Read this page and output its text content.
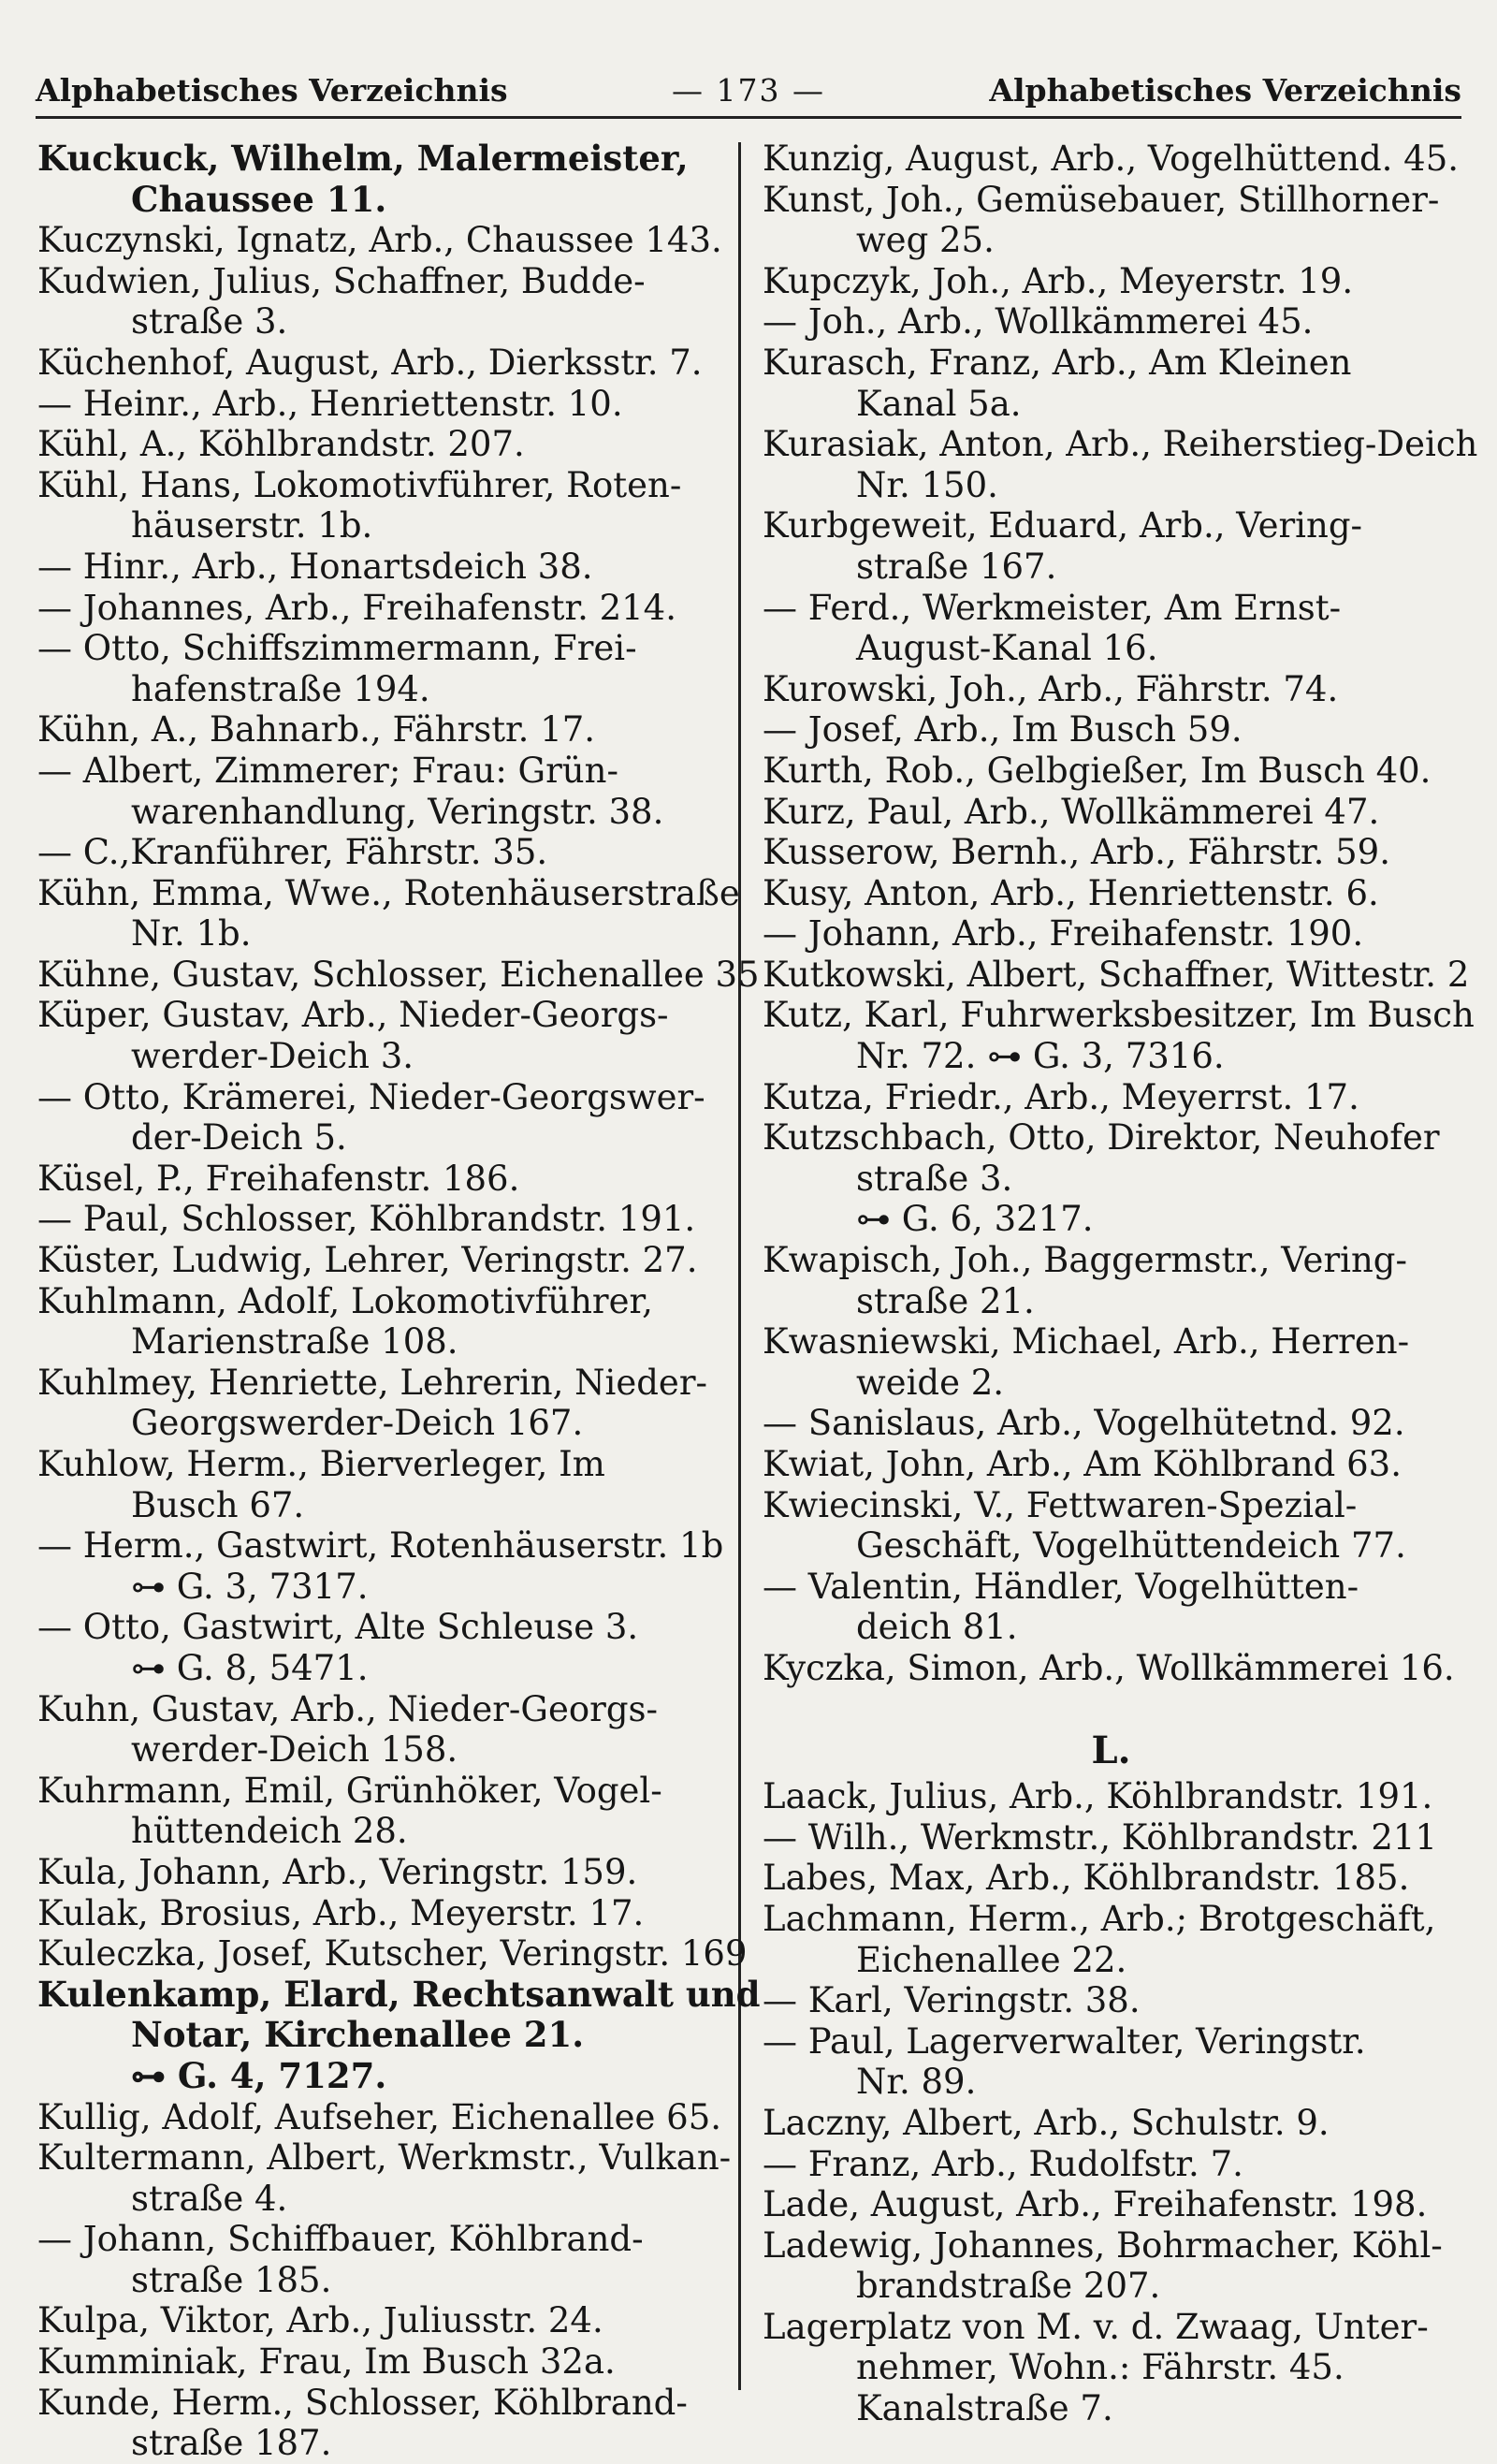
Alphabetisches Verzeichnis	— 173 —	Alphabetisches Verzeichnis
Kuckuck, Wilhelm, Malermeister,
Chaussee 11.
Kuczynski, Ignatz, Arb., Chaussee 143.
Kudwien, Julius, Schaffner, Budde-
straße 3.
Küchenhof, August, Arb., Dierksstr. 7.
— Heinr., Arb., Henriettenstr. 10.
Kühl, A., Köhlbrandstr. 207.
Kühl, Hans, Lokomotivführer, Roten-
häuserstr. 1b.
— Hinr., Arb., Honartsdeich 38.
— Johannes, Arb., Freihafenstr. 214.
— Otto, Schiffszimmermann, Frei-
hafenstraße 194.
Kühn, A., Bahnarb., Fährstr. 17.
— Albert, Zimmerer; Frau: Grün-
warenhandlung, Veringstr. 38.
— C.,Kranführer, Fährstr. 35.
Kühn, Emma, Wwe., Rotenhäuserstraße
Nr. 1b.
Kühne, Gustav, Schlosser, Eichenallee 35
Küper, Gustav, Arb., Nieder-Georgs-
werder-Deich 3.
— Otto, Krämerei, Nieder-Georgswer-
der-Deich 5.
Küsel, P., Freihafenstr. 186.
— Paul, Schlosser, Köhlbrandstr. 191.
Küster, Ludwig, Lehrer, Veringstr. 27.
Kuhlmann, Adolf, Lokomotivführer,
Marienstraße 108.
Kuhlmey, Henriette, Lehrerin, Nieder-
Georgswerder-Deich 167.
Kuhlow, Herm., Bierverleger, Im
Busch 67.
— Herm., Gastwirt, Rotenhäuserstr. 1b
⊶ G. 3, 7317.
— Otto, Gastwirt, Alte Schleuse 3.
⊶ G. 8, 5471.
Kuhn, Gustav, Arb., Nieder-Georgs-
werder-Deich 158.
Kuhrmann, Emil, Grünhöker, Vogel-
hüttendeich 28.
Kula, Johann, Arb., Veringstr. 159.
Kulak, Brosius, Arb., Meyerstr. 17.
Kuleczka, Josef, Kutscher, Veringstr. 169
Kulenkamp, Elard, Rechtsanwalt und
Notar, Kirchenallee 21.
⊶ G. 4, 7127.
Kullig, Adolf, Aufseher, Eichenallee 65.
Kultermann, Albert, Werkmstr., Vulkan-
straße 4.
— Johann, Schiffbauer, Köhlbrand-
straße 185.
Kulpa, Viktor, Arb., Juliusstr. 24.
Kumminiak, Frau, Im Busch 32a.
Kunde, Herm., Schlosser, Köhlbrand-
straße 187.
Kunzig, August, Arb., Vogelhüttend. 45.
Kunst, Joh., Gemüsebauer, Stillhorner-
weg 25.
Kupczyk, Joh., Arb., Meyerstr. 19.
— Joh., Arb., Wollkämmerei 45.
Kurasch, Franz, Arb., Am Kleinen
Kanal 5a.
Kurasiak, Anton, Arb., Reiherstieg-Deich
Nr. 150.
Kurbgeweit, Eduard, Arb., Vering-
straße 167.
— Ferd., Werkmeister, Am Ernst-
August-Kanal 16.
Kurowski, Joh., Arb., Fährstr. 74.
— Josef, Arb., Im Busch 59.
Kurth, Rob., Gelbgießer, Im Busch 40.
Kurz, Paul, Arb., Wollkämmerei 47.
Kusserow, Bernh., Arb., Fährstr. 59.
Kusy, Anton, Arb., Henriettenstr. 6.
— Johann, Arb., Freihafenstr. 190.
Kutkowski, Albert, Schaffner, Wittestr. 2
Kutz, Karl, Fuhrwerksbesitzer, Im Busch
Nr. 72. ⊶ G. 3, 7316.
Kutza, Friedr., Arb., Meyerrst. 17.
Kutzschbach, Otto, Direktor, Neuhofer
straße 3.
⊶ G. 6, 3217.
Kwapisch, Joh., Baggermstr., Vering-
straße 21.
Kwasniewski, Michael, Arb., Herren-
weide 2.
— Sanislaus, Arb., Vogelhütetnd. 92.
Kwiat, John, Arb., Am Köhlbrand 63.
Kwiecinski, V., Fettwaren-Spezial-
Geschäft, Vogelhüttendeich 77.
— Valentin, Händler, Vogelhütten-
deich 81.
Kyczka, Simon, Arb., Wollkämmerei 16.
L.
Laack, Julius, Arb., Köhlbrandstr. 191.
— Wilh., Werkmstr., Köhlbrandstr. 211
Labes, Max, Arb., Köhlbrandstr. 185.
Lachmann, Herm., Arb.; Brotgeschäft,
Eichenallee 22.
— Karl, Veringstr. 38.
— Paul, Lagerverwalter, Veringstr.
Nr. 89.
Laczny, Albert, Arb., Schulstr. 9.
— Franz, Arb., Rudolfstr. 7.
Lade, August, Arb., Freihafenstr. 198.
Ladewig, Johannes, Bohrmacher, Köhl-
brandstraße 207.
Lagerplatz von M. v. d. Zwaag, Unter-
nehmer, Wohn.: Fährstr. 45.
Kanalstraße 7.
